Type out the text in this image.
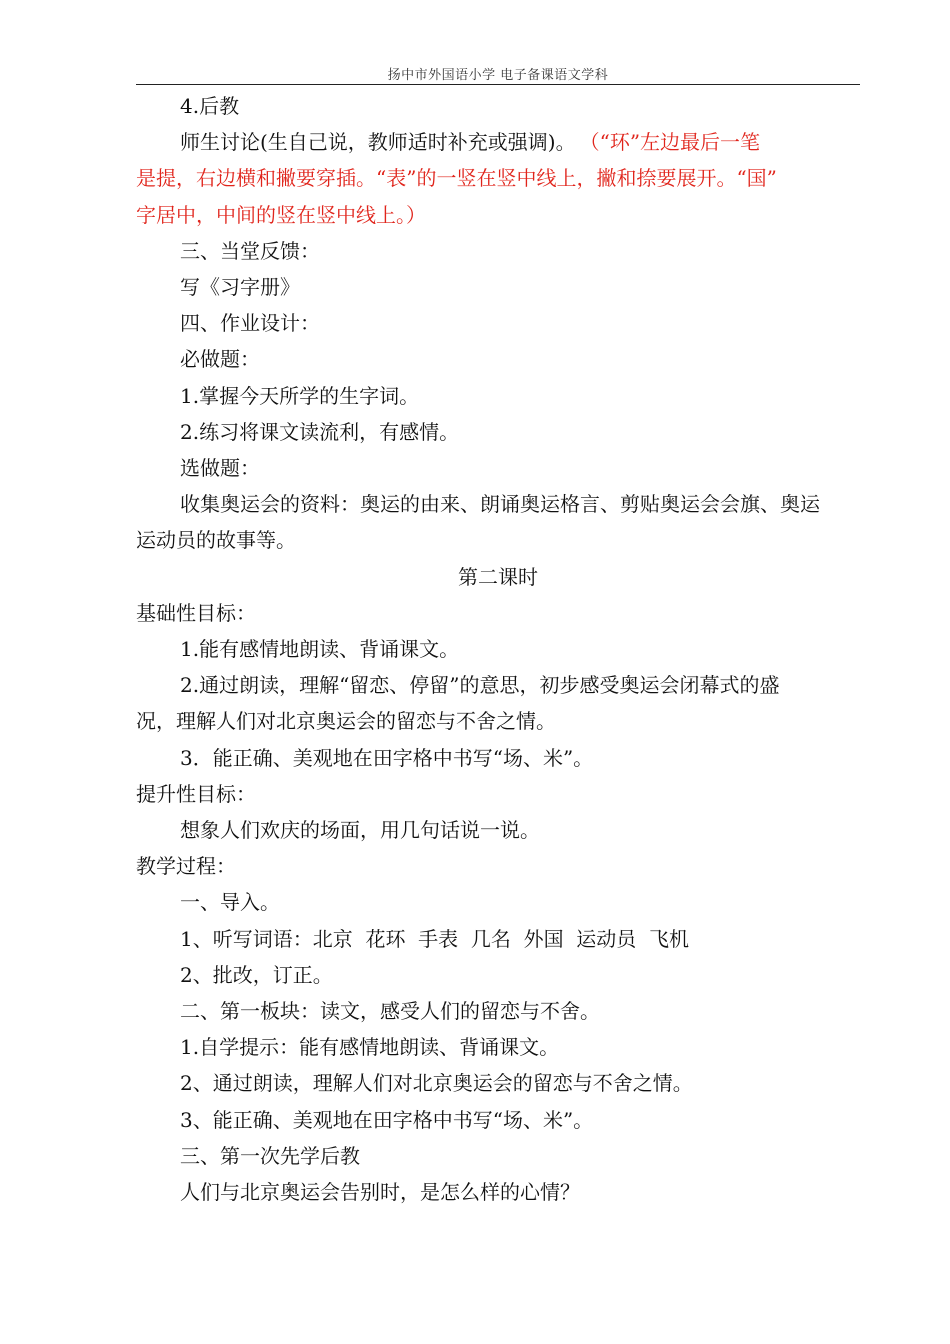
扬中市外国语小学 电子备课语文学科
4.后教
师生讨论(生自己说，教师适时补充或强调)。 （“环”左边最后一笔
是提，右边横和撇要穿插。“表”的一竖在竖中线上，撇和捺要展开。“国”
字居中，中间的竖在竖中线上。）
三、当堂反馈：
写《习字册》
四、作业设计：
必做题：
1.掌握今天所学的生字词。
2.练习将课文读流利，有感情。
选做题：
收集奥运会的资料：奥运的由来、朗诵奥运格言、剪贴奥运会会旗、奥运
运动员的故事等。
第二课时
基础性目标：
1.能有感情地朗读、背诵课文。
2.通过朗读，理解“留恋、停留”的意思，初步感受奥运会闭幕式的盛
况，理解人们对北京奥运会的留恋与不舍之情。
3．能正确、美观地在田字格中书写“场、米”。
提升性目标：
想象人们欢庆的场面，用几句话说一说。
教学过程：
一、导入。
1、听写词语：北京  花环  手表  几名  外国  运动员  飞机
2、批改，订正。
二、第一板块：读文，感受人们的留恋与不舍。
1.自学提示：能有感情地朗读、背诵课文。
2、通过朗读，理解人们对北京奥运会的留恋与不舍之情。
3、能正确、美观地在田字格中书写“场、米”。
三、第一次先学后教
人们与北京奥运会告别时，是怎么样的心情？
